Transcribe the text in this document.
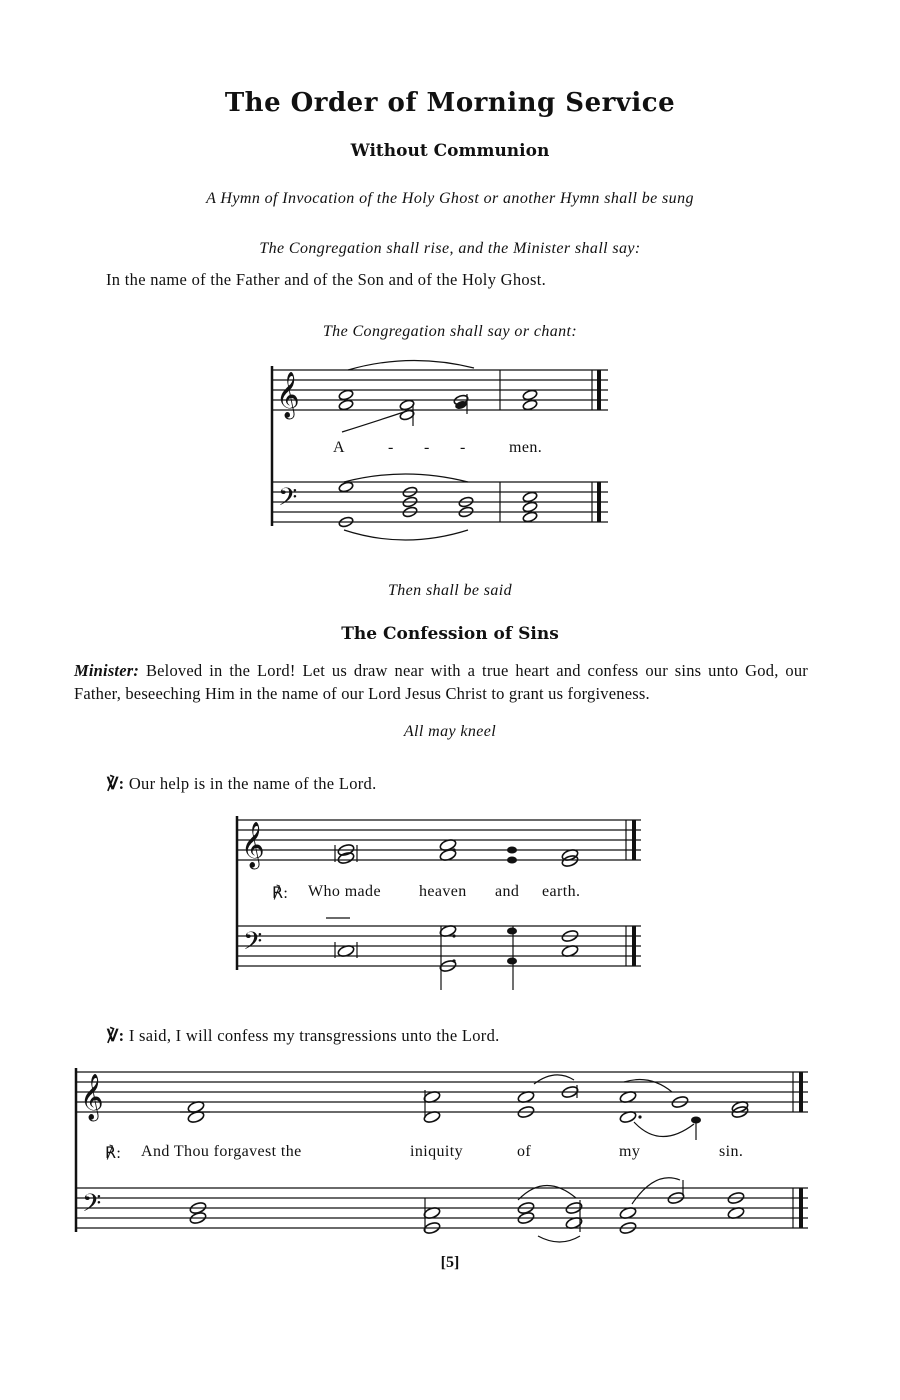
The Order of Morning Service
Without Communion
A Hymn of Invocation of the Holy Ghost or another Hymn shall be sung
The Congregation shall rise, and the Minister shall say:
In the name of the Father and of the Son and of the Holy Ghost.
The Congregation shall say or chant:
𝄞
𝄢
A	- - -	men.
Then shall be said
The Confession of Sins
Minister: Beloved in the Lord! Let us draw near with a true heart and confess our sins unto God, our Father, beseeching Him in the name of our Lord Jesus Christ to grant us forgiveness.
All may kneel
℣: Our help is in the name of the Lord.
𝄞
𝄢
℟: Who made heaven and earth.
℣: I said, I will confess my transgressions unto the Lord.
𝄞
𝄢
℟: And Thou forgavest the	iniquity	of	my	sin.
[5]
